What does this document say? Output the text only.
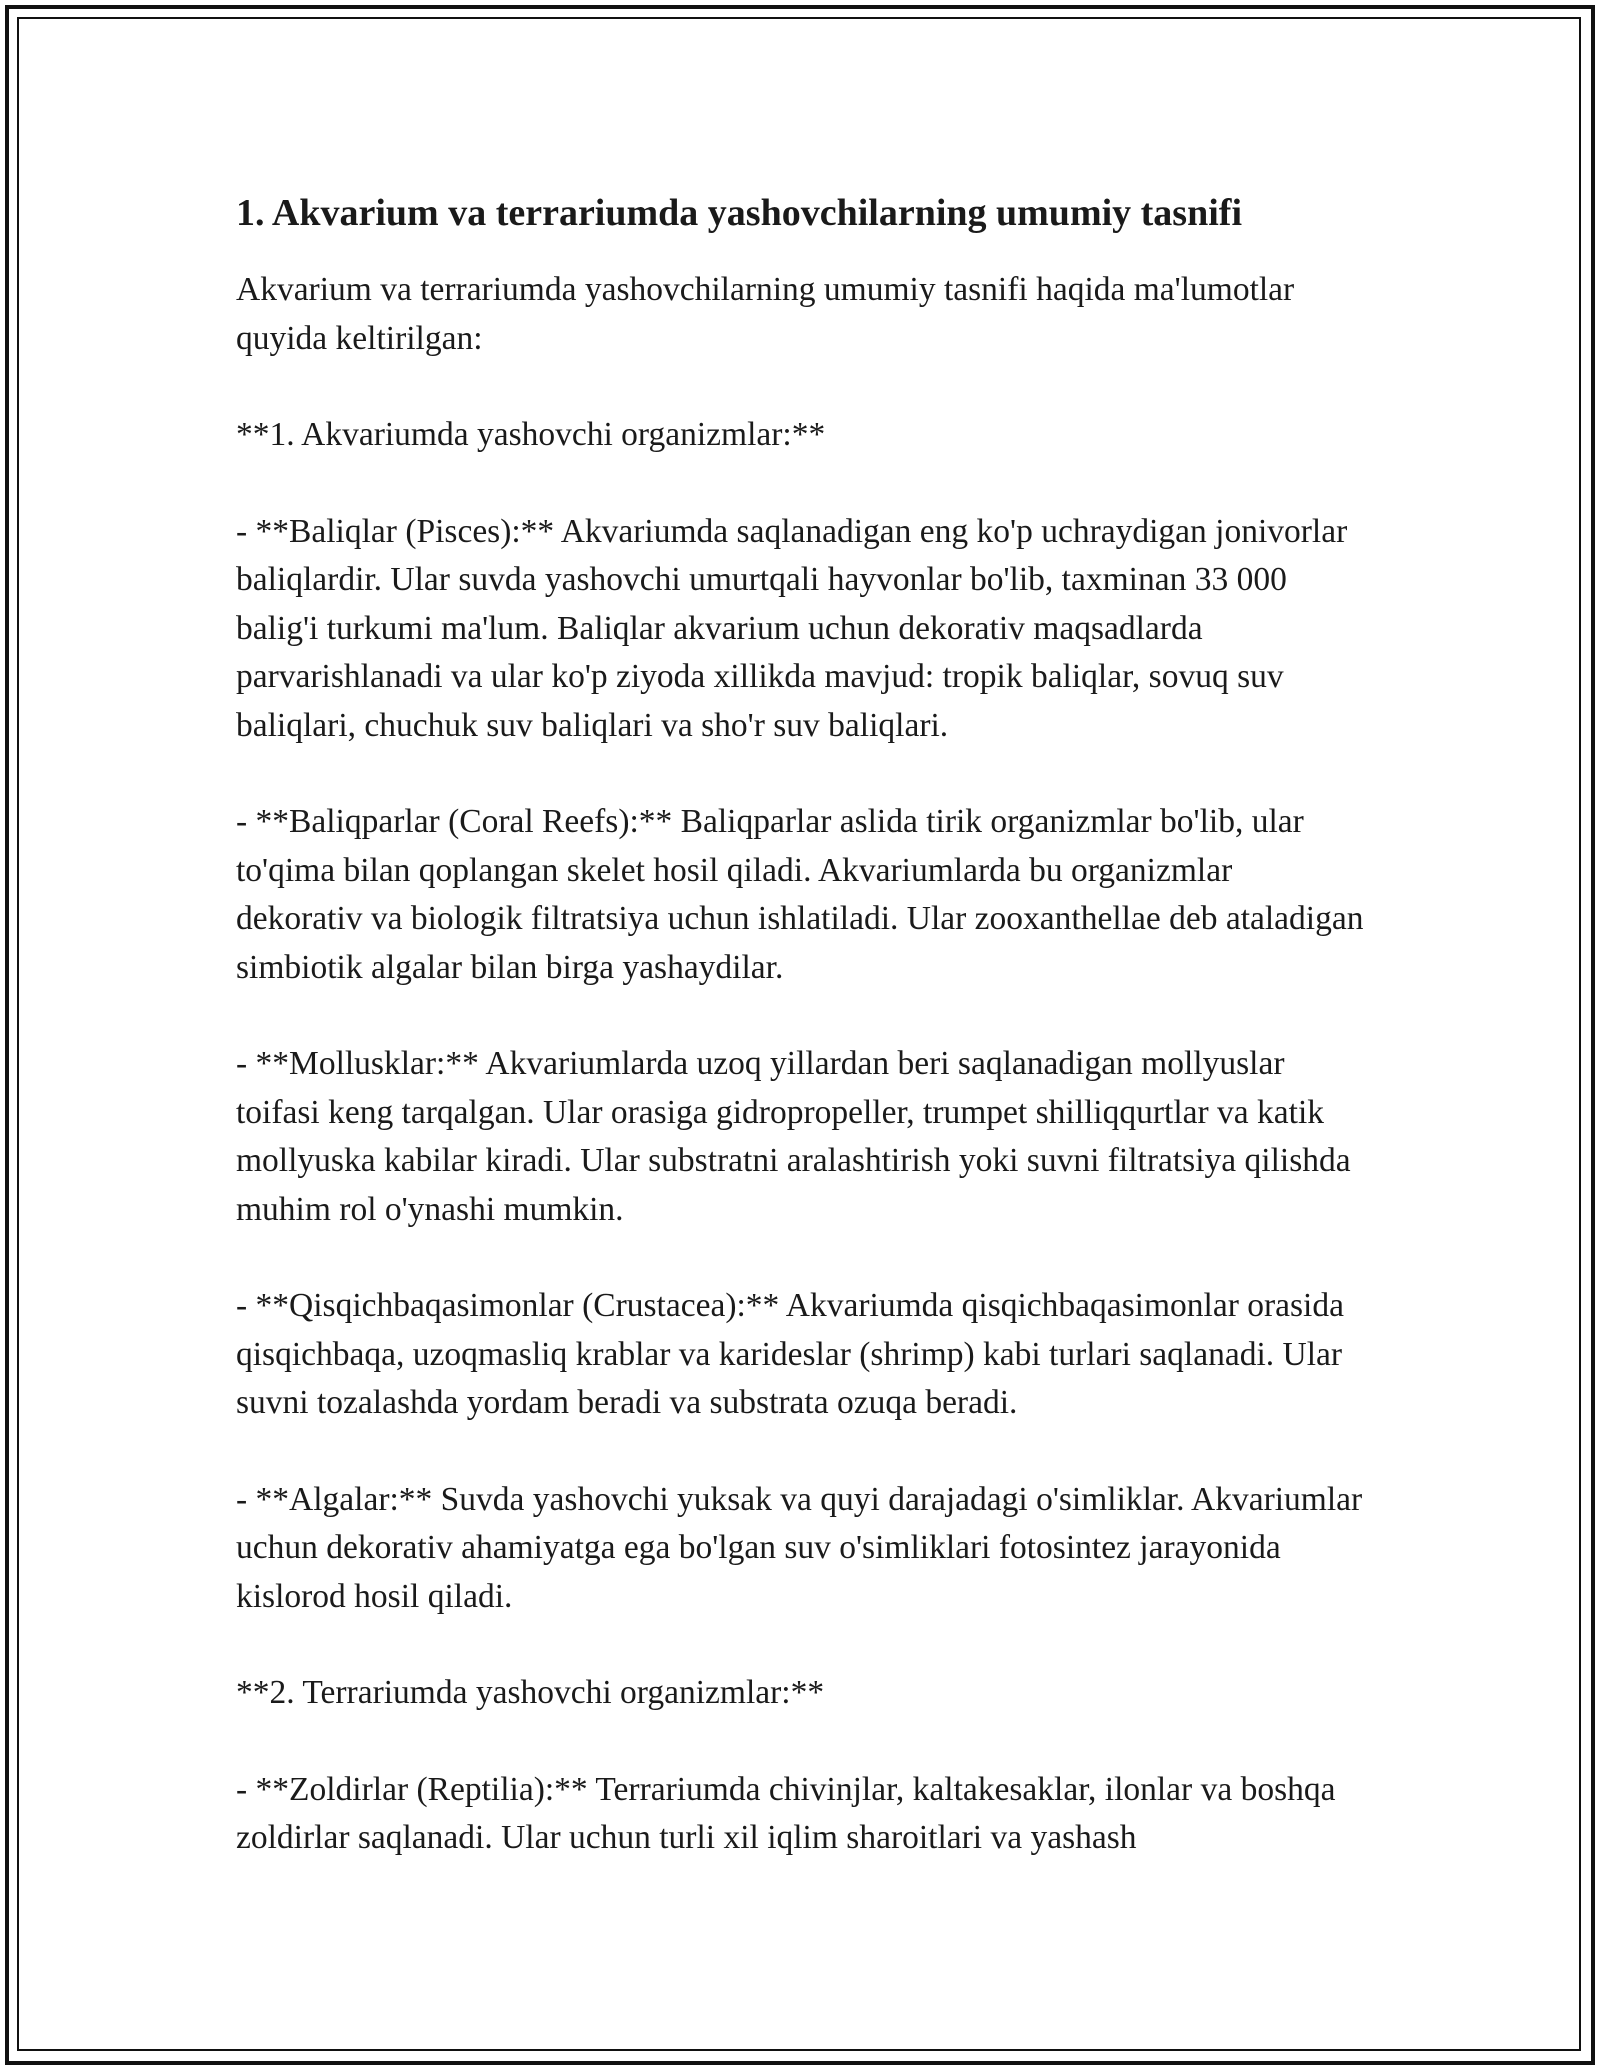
1. Akvarium va terrariumda yashovchilarning umumiy tasnifi

Akvarium va terrariumda yashovchilarning umumiy tasnifi haqida ma'lumotlar quyida keltirilgan:

**1. Akvariumda yashovchi organizmlar:**

- **Baliqlar (Pisces):** Akvariumda saqlanadigan eng ko'p uchraydigan jonivorlar baliqlardir. Ular suvda yashovchi umurtqali hayvonlar bo'lib, taxminan 33 000 balig'i turkumi ma'lum. Baliqlar akvarium uchun dekorativ maqsadlarda parvarishlanadi va ular ko'p ziyoda xillikda mavjud: tropik baliqlar, sovuq suv baliqlari, chuchuk suv baliqlari va sho'r suv baliqlari.

- **Baliqparlar (Coral Reefs):** Baliqparlar aslida tirik organizmlar bo'lib, ular to'qima bilan qoplangan skelet hosil qiladi. Akvariumlarda bu organizmlar dekorativ va biologik filtratsiya uchun ishlatiladi. Ular zooxanthellae deb ataladigan simbiotik algalar bilan birga yashaydilar.

- **Mollusklar:** Akvariumlarda uzoq yillardan beri saqlanadigan mollyuslar toifasi keng tarqalgan. Ular orasiga gidropropeller, trumpet shilliqqurtlar va katik mollyuska kabilar kiradi. Ular substratni aralashtirish yoki suvni filtratsiya qilishda muhim rol o'ynashi mumkin.

- **Qisqichbaqasimonlar (Crustacea):** Akvariumda qisqichbaqasimonlar orasida qisqichbaqa, uzoqmasliq krablar va karideslar (shrimp) kabi turlari saqlanadi. Ular suvni tozalashda yordam beradi va substrata ozuqa beradi.

- **Algalar:** Suvda yashovchi yuksak va quyi darajadagi o'simliklar. Akvariumlar uchun dekorativ ahamiyatga ega bo'lgan suv o'simliklari fotosintez jarayonida kislorod hosil qiladi.

**2. Terrariumda yashovchi organizmlar:**

- **Zoldirlar (Reptilia):** Terrariumda chivinjlar, kaltakesaklar, ilonlar va boshqa zoldirlar saqlanadi. Ular uchun turli xil iqlim sharoitlari va yashash
